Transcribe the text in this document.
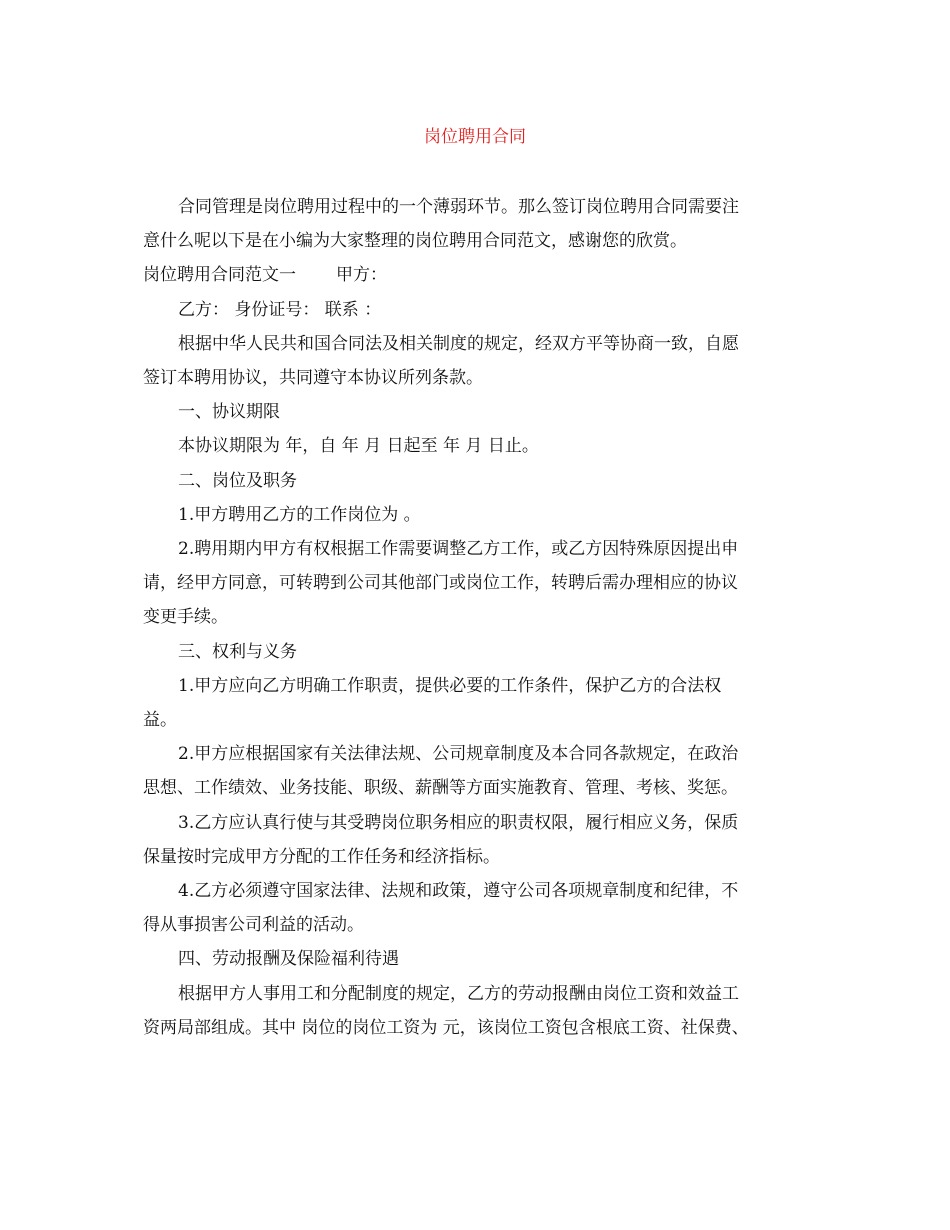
岗位聘用合同

合同管理是岗位聘用过程中的一个薄弱环节。那么签订岗位聘用合同需要注

意什么呢以下是在小编为大家整理的岗位聘用合同范文，感谢您的欣赏。

岗位聘用合同范文一 甲方：

乙方： 身份证号： 联系 ：

根据中华人民共和国合同法及相关制度的规定，经双方平等协商一致，自愿

签订本聘用协议，共同遵守本协议所列条款。

一、协议期限

本协议期限为 年，自 年 月 日起至 年 月 日止。

二、岗位及职务

1.甲方聘用乙方的工作岗位为 。

2.聘用期内甲方有权根据工作需要调整乙方工作，或乙方因特殊原因提出申

请，经甲方同意，可转聘到公司其他部门或岗位工作，转聘后需办理相应的协议

变更手续。

三、权利与义务

1.甲方应向乙方明确工作职责，提供必要的工作条件，保护乙方的合法权

益。

2.甲方应根据国家有关法律法规、公司规章制度及本合同各款规定，在政治

思想、工作绩效、业务技能、职级、薪酬等方面实施教育、管理、考核、奖惩。

3.乙方应认真行使与其受聘岗位职务相应的职责权限，履行相应义务，保质

保量按时完成甲方分配的工作任务和经济指标。

4.乙方必须遵守国家法律、法规和政策，遵守公司各项规章制度和纪律，不

得从事损害公司利益的活动。

四、劳动报酬及保险福利待遇

根据甲方人事用工和分配制度的规定，乙方的劳动报酬由岗位工资和效益工

资两局部组成。其中 岗位的岗位工资为 元，该岗位工资包含根底工资、社保费、
